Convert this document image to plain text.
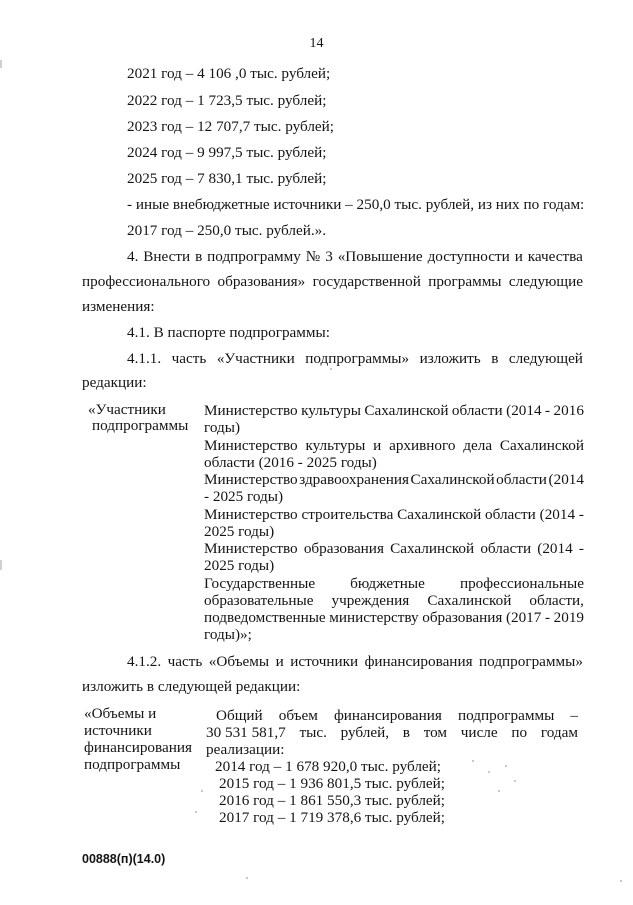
14
2021 год – 4 106 ,0 тыс. рублей;
2022 год – 1 723,5 тыс. рублей;
2023 год – 12 707,7 тыс. рублей;
2024 год – 9 997,5 тыс. рублей;
2025 год – 7 830,1 тыс. рублей;
- иные внебюджетные источники – 250,0 тыс. рублей, из них по годам:
2017 год – 250,0 тыс. рублей.».
4. Внести в подпрограмму № 3 «Повышение доступности и качества
профессионального образования» государственной программы следующие
изменения:
4.1. В паспорте подпрограммы:
4.1.1. часть «Участники подпрограммы» изложить в следующей
редакции:
«Участники
подпрограммы
Министерство культуры Сахалинской области (2014 - 2016
годы)
Министерство культуры и архивного дела Сахалинской
области (2016 - 2025 годы)
Министерство здравоохранения Сахалинской области (2014
- 2025 годы)
Министерство строительства Сахалинской области (2014 -
2025 годы)
Министерство образования Сахалинской области (2014 -
2025 годы)
Государственные бюджетные профессиональные
образовательные учреждения Сахалинской области,
подведомственные министерству образования (2017 - 2019
годы)»;
4.1.2. часть «Объемы и источники финансирования подпрограммы»
изложить в следующей редакции:
«Объемы и
источники
финансирования
подпрограммы
Общий объем финансирования подпрограммы –
30 531 581,7 тыс. рублей, в том числе по годам
реализации:
2014 год – 1 678 920,0 тыс. рублей;
2015 год – 1 936 801,5 тыс. рублей;
2016 год – 1 861 550,3 тыс. рублей;
2017 год – 1 719 378,6 тыс. рублей;
00888(п)(14.0)
